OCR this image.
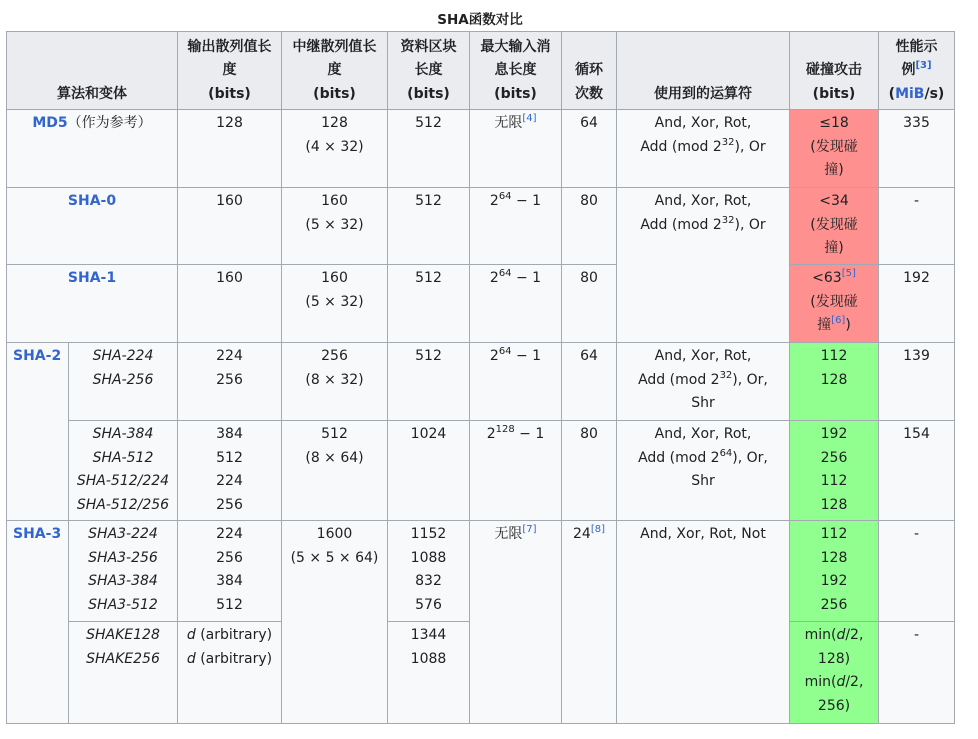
SHA函数对比
算法和变体		输出散列值长
度
(bits)	中继散列值长
度
(bits)	资料区块
长度
(bits)	最大输入消
息长度
(bits)	循环
次数	使用到的运算符	碰撞攻击
(bits)	性能示
例[3]
(MiB/s)
MD5（作为参考）		128	128
(4 × 32)	512	无限[4]	64	And, Xor, Rot,
Add (mod $2^{32}$), Or	≤18
(发现碰
撞)	335
SHA-0		160	160
(5 × 32)	512	$2^{64} - 1$	80	And, Xor, Rot,
Add (mod $2^{32}$), Or	<34
(发现碰
撞)	-
SHA-1		160	160
(5 × 32)	512	$2^{64} - 1$	80		<63[5]
(发现碰
撞[6])	192
SHA-2	SHA-224
SHA-256	224
256	256
(8 × 32)	512	$2^{64} - 1$	64	And, Xor, Rot,
Add (mod $2^{32}$), Or,
Shr	112
128	139
	SHA-384
SHA-512
SHA-512/224
SHA-512/256	384
512
224
256	512
(8 × 64)	1024	$2^{128} - 1$	80	And, Xor, Rot,
Add (mod $2^{64}$), Or,
Shr	192
256
112
128	154
SHA-3	SHA3-224
SHA3-256
SHA3-384
SHA3-512	224
256
384
512	1600
(5 × 5 × 64)	1152
1088
832
576	无限[7]	24[8]	And, Xor, Rot, Not	112
128
192
256	-
	SHAKE128
SHAKE256	d (arbitrary)
d (arbitrary)		1344
1088				min(d/2,
128)
min(d/2,
256)	-
